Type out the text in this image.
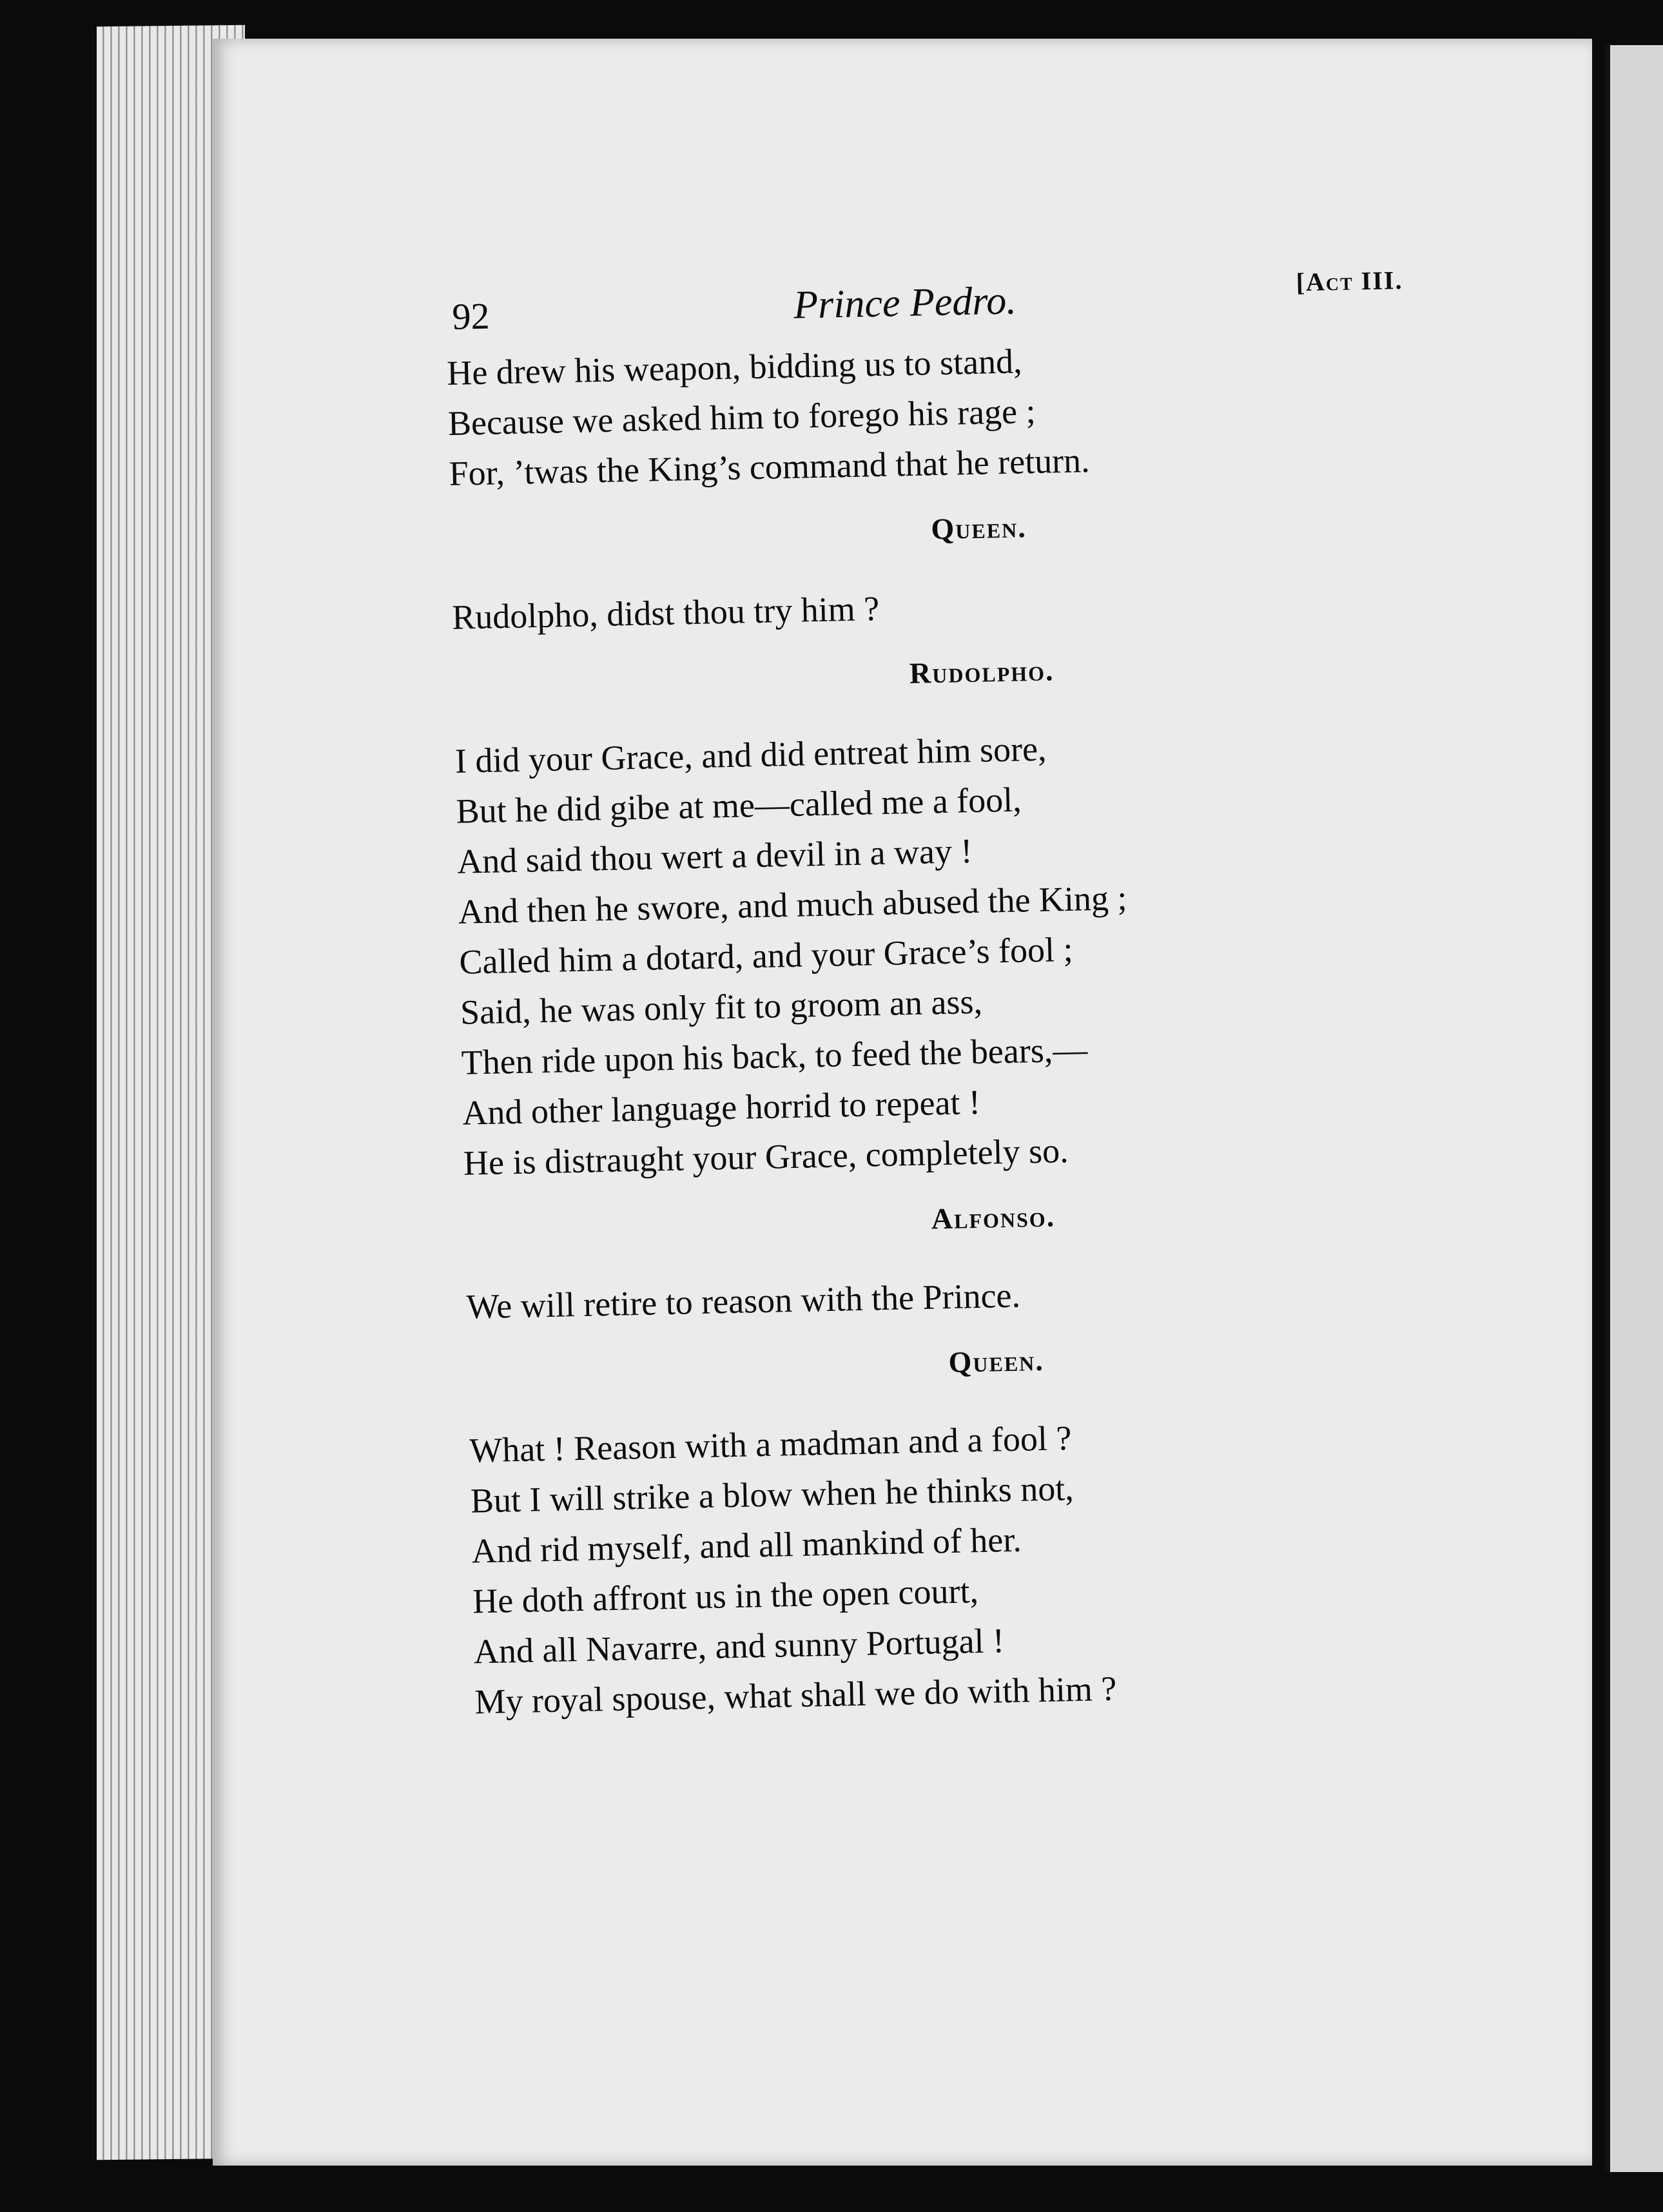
92	Prince Pedro.	[Act III.
He drew his weapon, bidding us to stand,
Because we asked him to forego his rage ;
For, ’twas the King’s command that he return.
Queen.
Rudolpho, didst thou try him ?
Rudolpho.
I did your Grace, and did entreat him sore,
But he did gibe at me—called me a fool,
And said thou wert a devil in a way !
And then he swore, and much abused the King ;
Called him a dotard, and your Grace’s fool ;
Said, he was only fit to groom an ass,
Then ride upon his back, to feed the bears,—
And other language horrid to repeat !
He is distraught your Grace, completely so.
Alfonso.
We will retire to reason with the Prince.
Queen.
What ! Reason with a madman and a fool ?
But I will strike a blow when he thinks not,
And rid myself, and all mankind of her.
He doth affront us in the open court,
And all Navarre, and sunny Portugal !
My royal spouse, what shall we do with him ?
